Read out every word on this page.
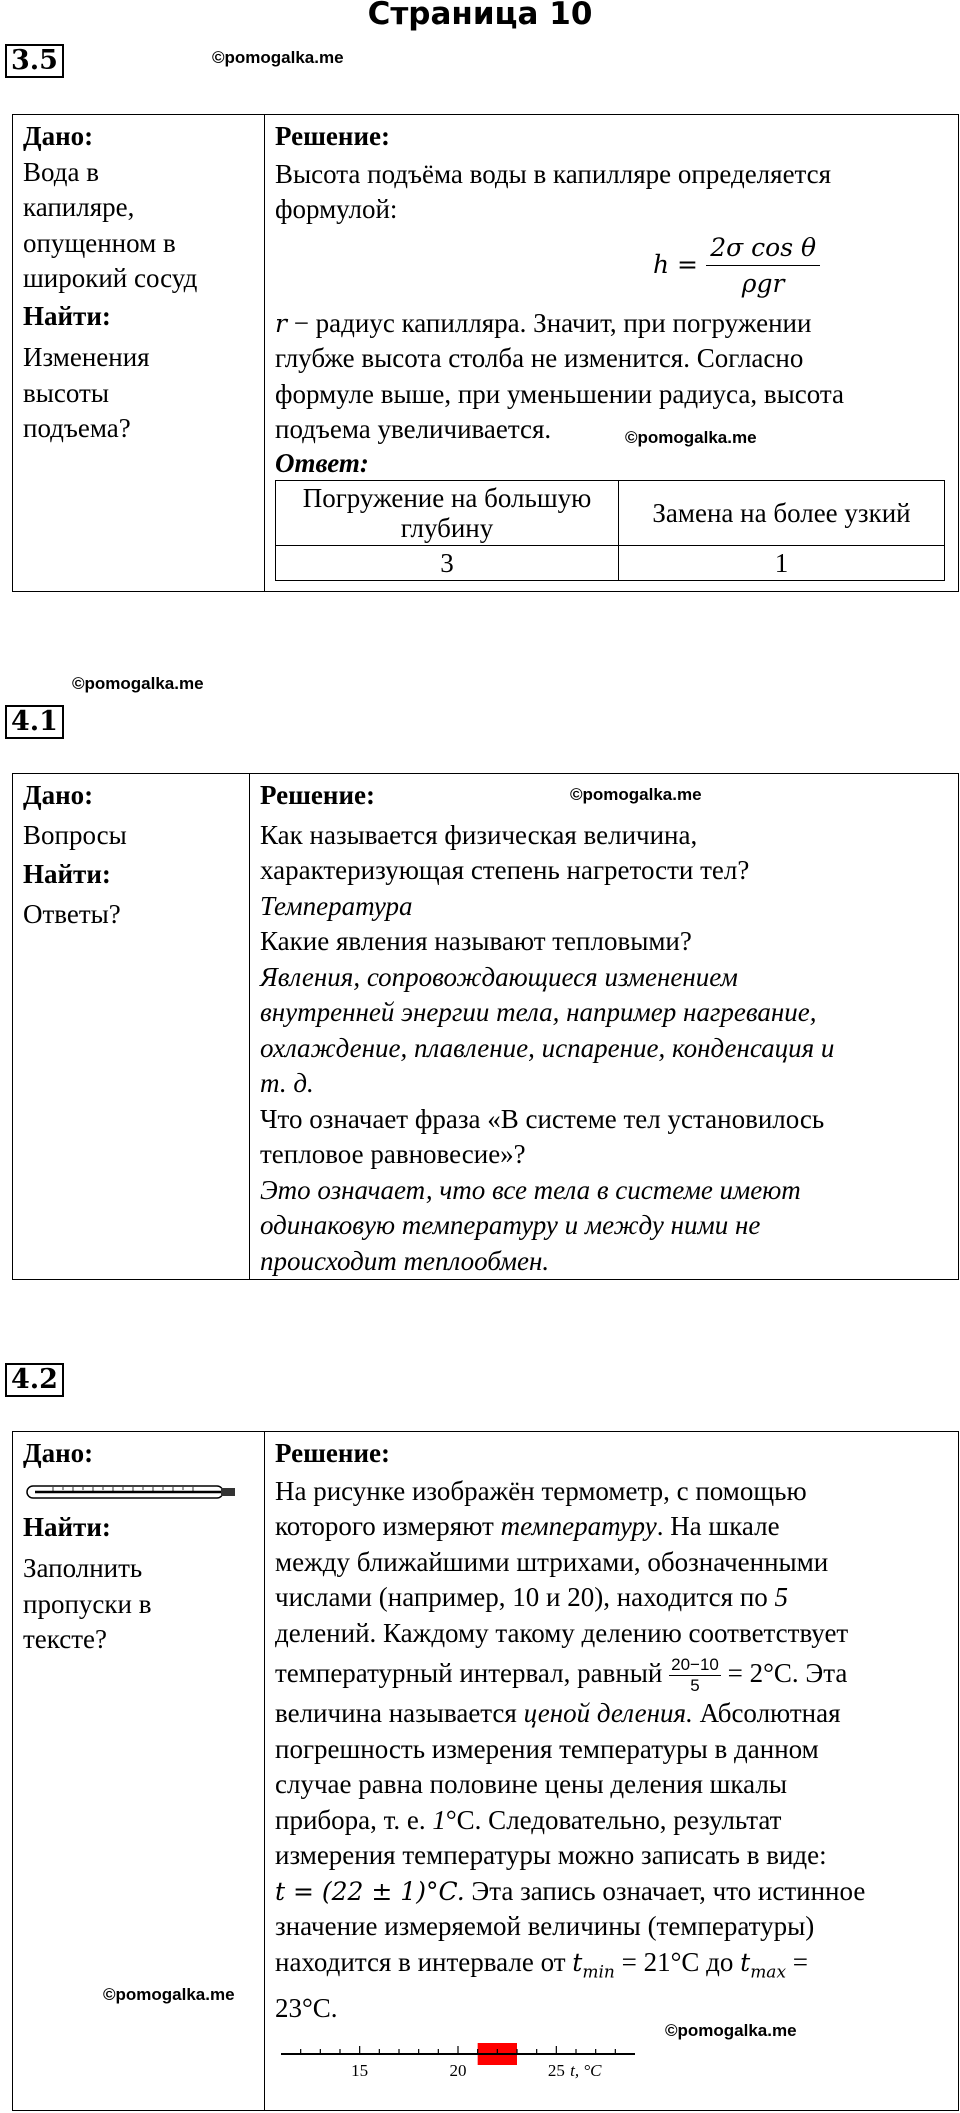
Страница 10
3.5	©pomogalka.me
Дано:
Вода в
капиляре,
опущенном в
широкий сосуд
Найти:
Изменения
высоты
подъема?
Решение:
Высота подъёма воды в капилляре определяется
формулой:
$h = \frac{\text{2σ cos θ}}{\text{ρgr}}$
r − радиус капилляра. Значит, при погружении
глубже высота столба не изменится. Согласно
формуле выше, при уменьшении радиуса, высота
подъема увеличивается.
Ответ:
Погружение на большую глубину	Замена на более узкий
3	1
©pomogalka.me
©pomogalka.me
4.1
Дано:
Вопросы
Найти:
Ответы?
Решение:
Как называется физическая величина,
характеризующая степень нагретости тел?
Температура
Какие явления называют тепловыми?
Явления, сопровождающиеся изменением
внутренней энергии тела, например нагревание,
охлаждение, плавление, испарение, конденсация и
т. д.
Что означает фраза «В системе тел установилось
тепловое равновесие»?
Это означает, что все тела в системе имеют
одинаковую температуру и между ними не
происходит теплообмен.
©pomogalka.me
4.2
Дано:
Найти:
Заполнить
пропуски в
тексте?
Решение:
На рисунке изображён термометр, с помощью
которого измеряют температуру. На шкале
между ближайшими штрихами, обозначенными
числами (например, 10 и 20), находится по 5
делений. Каждому такому делению соответствует
температурный интервал, равный $\frac{20-10}{5} = 2^\circ C$. Эта
величина называется ценой деления. Абсолютная
погрешность измерения температуры в данном
случае равна половине цены деления шкалы
прибора, т. е. 1°C. Следовательно, результат
измерения температуры можно записать в виде:
t = (22 ± 1)°C. Эта запись означает, что истинное
значение измеряемой величины (температуры)
находится в интервале от $t_{min} = 21^\circ C$ до $t_{max}$ =
23°C.
15	20	25 t, °C
©pomogalka.me
©pomogalka.me
